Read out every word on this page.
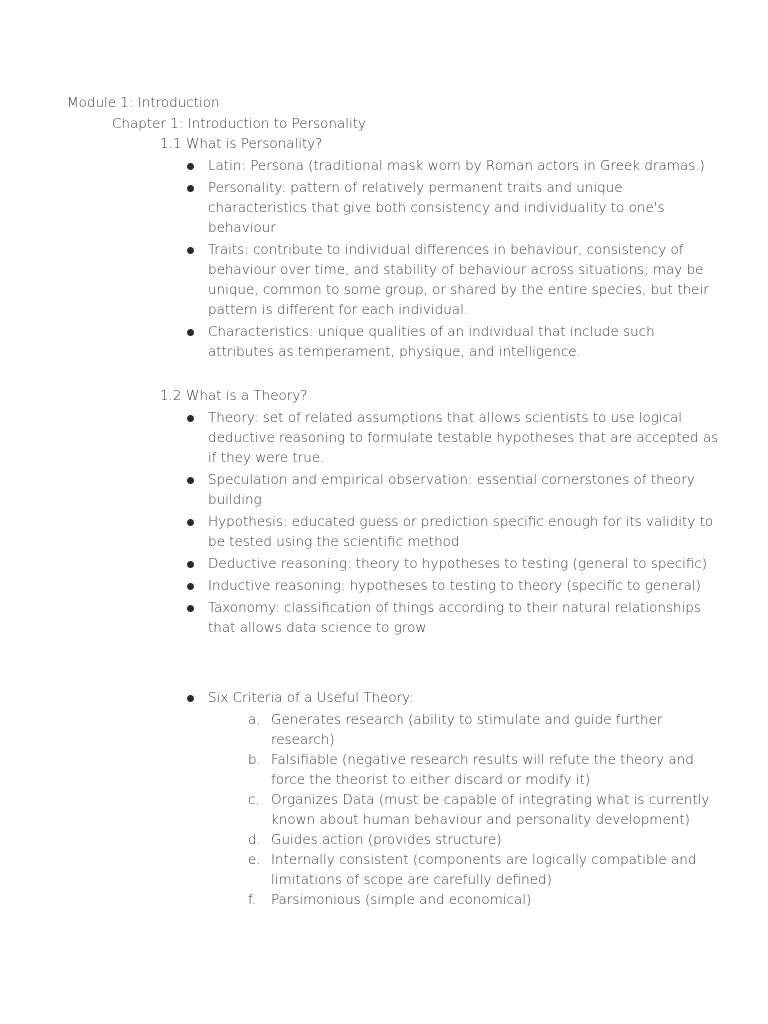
Module 1: Introduction
Chapter 1: Introduction to Personality
1.1 What is Personality?
Latin: Persona (traditional mask worn by Roman actors in Greek dramas.)
Personality: pattern of relatively permanent traits and unique characteristics that give both consistency and individuality to one's behaviour
Traits: contribute to individual differences in behaviour, consistency of behaviour over time, and stability of behaviour across situations; may be unique, common to some group, or shared by the entire species, but their pattern is different for each individual.
Characteristics: unique qualities of an individual that include such attributes as temperament, physique, and intelligence.
1.2 What is a Theory?
Theory: set of related assumptions that allows scientists to use logical deductive reasoning to formulate testable hypotheses that are accepted as if they were true.
Speculation and empirical observation: essential cornerstones of theory building
Hypothesis: educated guess or prediction specific enough for its validity to be tested using the scientific method
Deductive reasoning: theory to hypotheses to testing (general to specific)
Inductive reasoning: hypotheses to testing to theory (specific to general)
Taxonomy: classification of things according to their natural relationships that allows data science to grow
Six Criteria of a Useful Theory:
a. Generates research (ability to stimulate and guide further research)
b. Falsifiable (negative research results will refute the theory and force the theorist to either discard or modify it)
c. Organizes Data (must be capable of integrating what is currently known about human behaviour and personality development)
d. Guides action (provides structure)
e. Internally consistent (components are logically compatible and limitations of scope are carefully defined)
f. Parsimonious (simple and economical)
